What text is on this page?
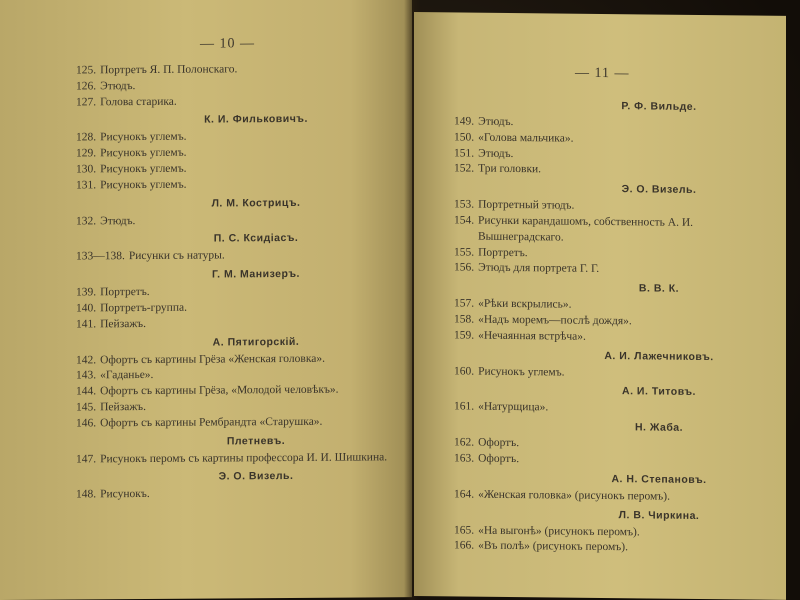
— 10 —
125. Портретъ Я. П. Полонскаго.
126. Этюдъ.
127. Голова старика.
К. И. Фильковичъ.
128. Рисунокъ углемъ.
129. Рисунокъ углемъ.
130. Рисунокъ углемъ.
131. Рисунокъ углемъ.
Л. М. Кострицъ.
132. Этюдъ.
П. С. Ксидіасъ.
133—138. Рисунки съ натуры.
Г. М. Манизеръ.
139. Портретъ.
140. Портретъ-группа.
141. Пейзажъ.
А. Пятигорскій.
142. Офортъ съ картины Грёза «Женская головка».
143. «Гаданье».
144. Офортъ съ картины Грёза, «Молодой человѣкъ».
145. Пейзажъ.
146. Офортъ съ картины Рембрандта «Старушка».
Плетневъ.
147. Рисунокъ перомъ съ картины профессора И. И. Шишкина.
Э. О. Визель.
148. Рисунокъ.
— 11 —
Р. Ф. Вильде.
149. Этюдъ.
150. «Голова мальчика».
151. Этюдъ.
152. Три головки.
Э. О. Визель.
153. Портретный этюдъ.
154. Рисунки карандашомъ, собственность А. И. Вышнеградскаго.
155. Портретъ.
156. Этюдъ для портрета Г. Г.
В. В. К.
157. «Рѣки вскрылись».
158. «Надъ моремъ—послѣ дождя».
159. «Нечаянная встрѣча».
А. И. Лажечниковъ.
160. Рисунокъ углемъ.
А. И. Титовъ.
161. «Натурщица».
Н. Жаба.
162. Офортъ.
163. Офортъ.
А. Н. Степановъ.
164. «Женская головка» (рисунокъ перомъ).
Л. В. Чиркина.
165. «На выгонѣ» (рисунокъ перомъ).
166. «Въ полѣ» (рисунокъ перомъ).
